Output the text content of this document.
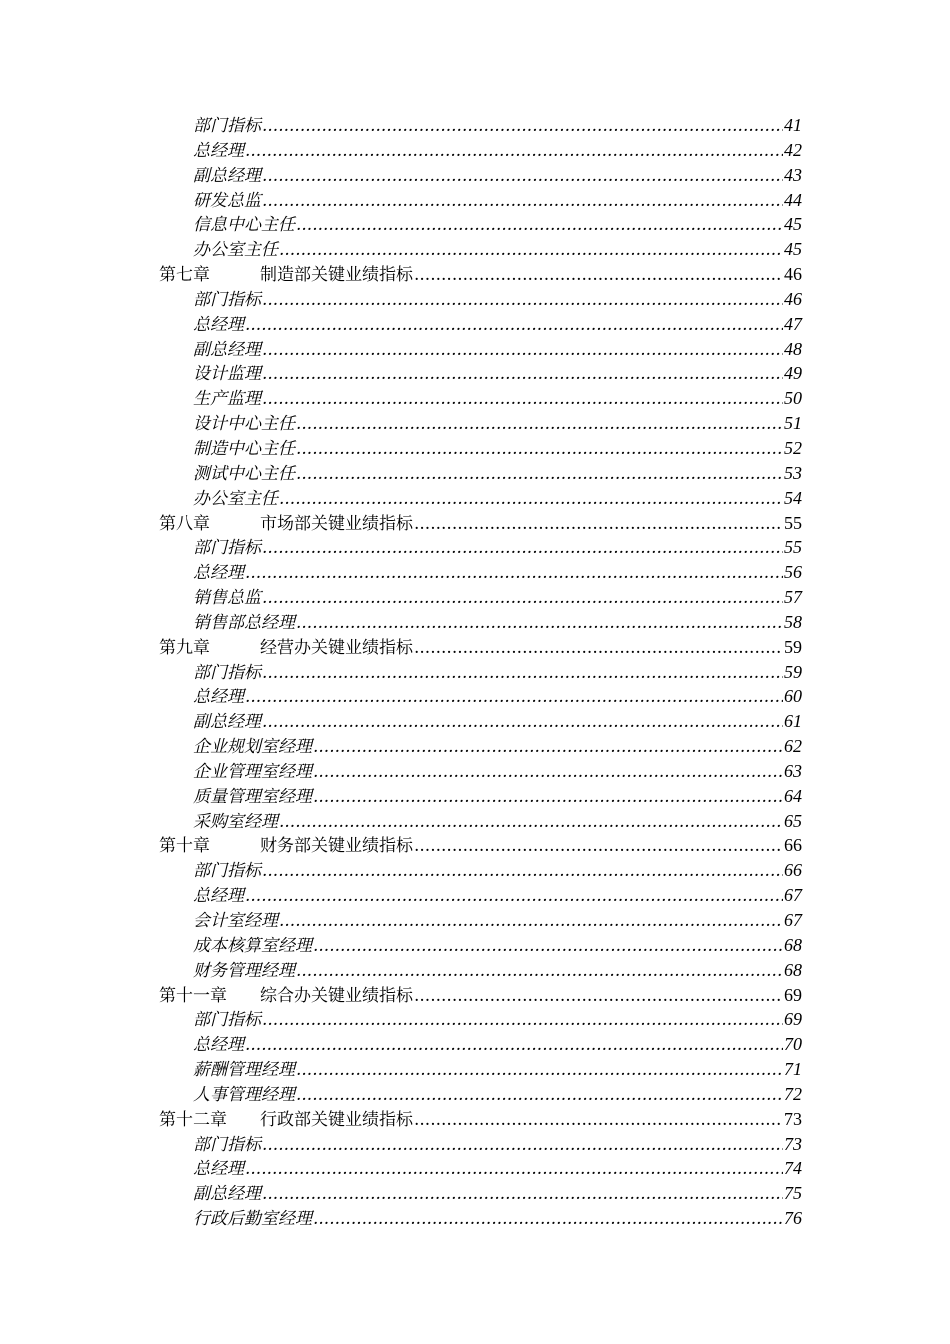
部门指标 .....	41
总经理 .....	42
副总经理 .....	43
研发总监 .....	44
信息中心主任 .....	45
办公室主任 .....	45
第七章	制造部关键业绩指标 .....	46
部门指标 .....	46
总经理 .....	47
副总经理 .....	48
设计监理 .....	49
生产监理 .....	50
设计中心主任 .....	51
制造中心主任 .....	52
测试中心主任 .....	53
办公室主任 .....	54
第八章	市场部关键业绩指标 .....	55
部门指标 .....	55
总经理 .....	56
销售总监 .....	57
销售部总经理 .....	58
第九章	经营办关键业绩指标 .....	59
部门指标 .....	59
总经理 .....	60
副总经理 .....	61
企业规划室经理 .....	62
企业管理室经理 .....	63
质量管理室经理 .....	64
采购室经理 .....	65
第十章	财务部关键业绩指标 .....	66
部门指标 .....	66
总经理 .....	67
会计室经理 .....	67
成本核算室经理 .....	68
财务管理经理 .....	68
第十一章	综合办关键业绩指标 .....	69
部门指标 .....	69
总经理 .....	70
薪酬管理经理 .....	71
人事管理经理 .....	72
第十二章	行政部关键业绩指标 .....	73
部门指标 .....	73
总经理 .....	74
副总经理 .....	75
行政后勤室经理 .....	76
